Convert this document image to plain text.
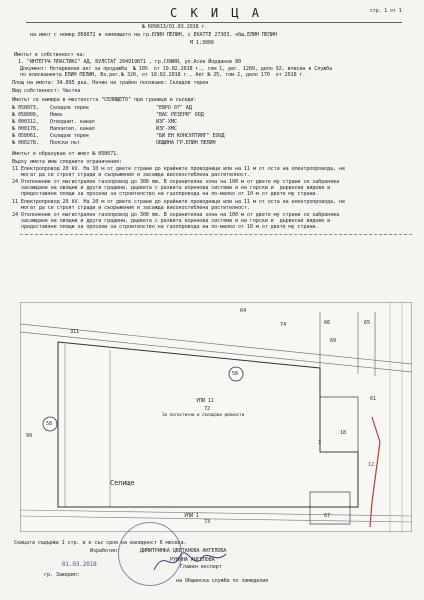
С К И Ц А	стр. 1 от 1
№ К09613/01.03.2018 г.
на имот с номер 058072 в землището на гр.ЕЛИН ПЕЛИН, с ЕКАТТЕ 27303, общ.ЕЛИН ПЕЛИН
М 1:3000
Имотът е собственост на:
1. "ИНТЕГРА ПЛАСТИКС" АД, БУЛСТАТ 204919871 , гр.СОФИЯ, ул.Асен Йорданов 80
Документ: Нотариален акт за продажба  № 105  от 19.02.2018 г., том 1, рег. 1289, дело 92, вписан в Служба
по вписванията ЕЛИН ПЕЛИН, Вх.рег.№ 320, от 19.02.2018 г., Акт № 25, том 2, дело 170  от 2018 г.
Площ на имота: 34.895 дка. Начин на трайно ползване: Складов терен
Вид собственост: Частна
Имотът се намира в местността "СЕЛИЩЕТО" при граници и съседи:
№ 058073, Складов терен	"ЕВРО 07" АД
№ 058009, Нива	"ВАС РЕЗЕРВ" ООД
№ 000312, Отводнит. канал	ИЗГ-ХМС
№ 000178, Напоител. канал	ИЗГ-ХМС
№ 058061, Складов терен	"БИ ЕН КОНСУЛТИНГ" ЕООД
№ 000278, Полски път	ОБЩИНА ГР.ЕЛИН ПЕЛИН
Имотът е образуван от имот № 058071.
Върху имота има следните ограничения:
11 Електропровод 20 kV. На 10 м от двете страни до крайните проводници или на 11 м от оста на електропровода, не
могат да се строят сгради и съоръжения и засажда високостеблена растителност.
24 Отклонение от магистрален газопровод до 300 mm. В охранителна зона на 100 м от двете му страни се забранява
засаждане на овощни и други градини, дървета с развита коренова система и на горски и  дървесни видове и
предоставяне площи за просеки за строителство на газопровода на по-малко от 10 м от двете му страни.
11 Електропровод 20 kV. На 10 м от двете страни до крайните проводници или на 11 м от оста на електропровода, не
могат да се строят сгради и съоръжения и засажда високостеблена растителност.
24 Отклонение от магистрален газопровод до 300 mm. В охранителна зона на 100 м от двете му страни се забранява
засаждане на овощни и други градини, дървета с развита коренова система и на горски и  дървесни видове и
предоставяне площи за просеки за строителство на газопровода на по-малко от 10 м от двете му страни.
64
74	66	65
69
311
58
58
61
99	18
67
73
72
УПИ 11
За логистични и складови дейности
УПИ 1
Селище
12
3
Скицата съдържа 1 стр. и е със срок на валидност 6 месеца.
Изработил:	ДИМИТРИНКА ЦВЕТАНОВА АНГЕЛОВА
РУМЯНА АНГЕЛОВА
Главен експерт
гр. Заверил:
01.03.2018
на Общинска служба по земеделие
